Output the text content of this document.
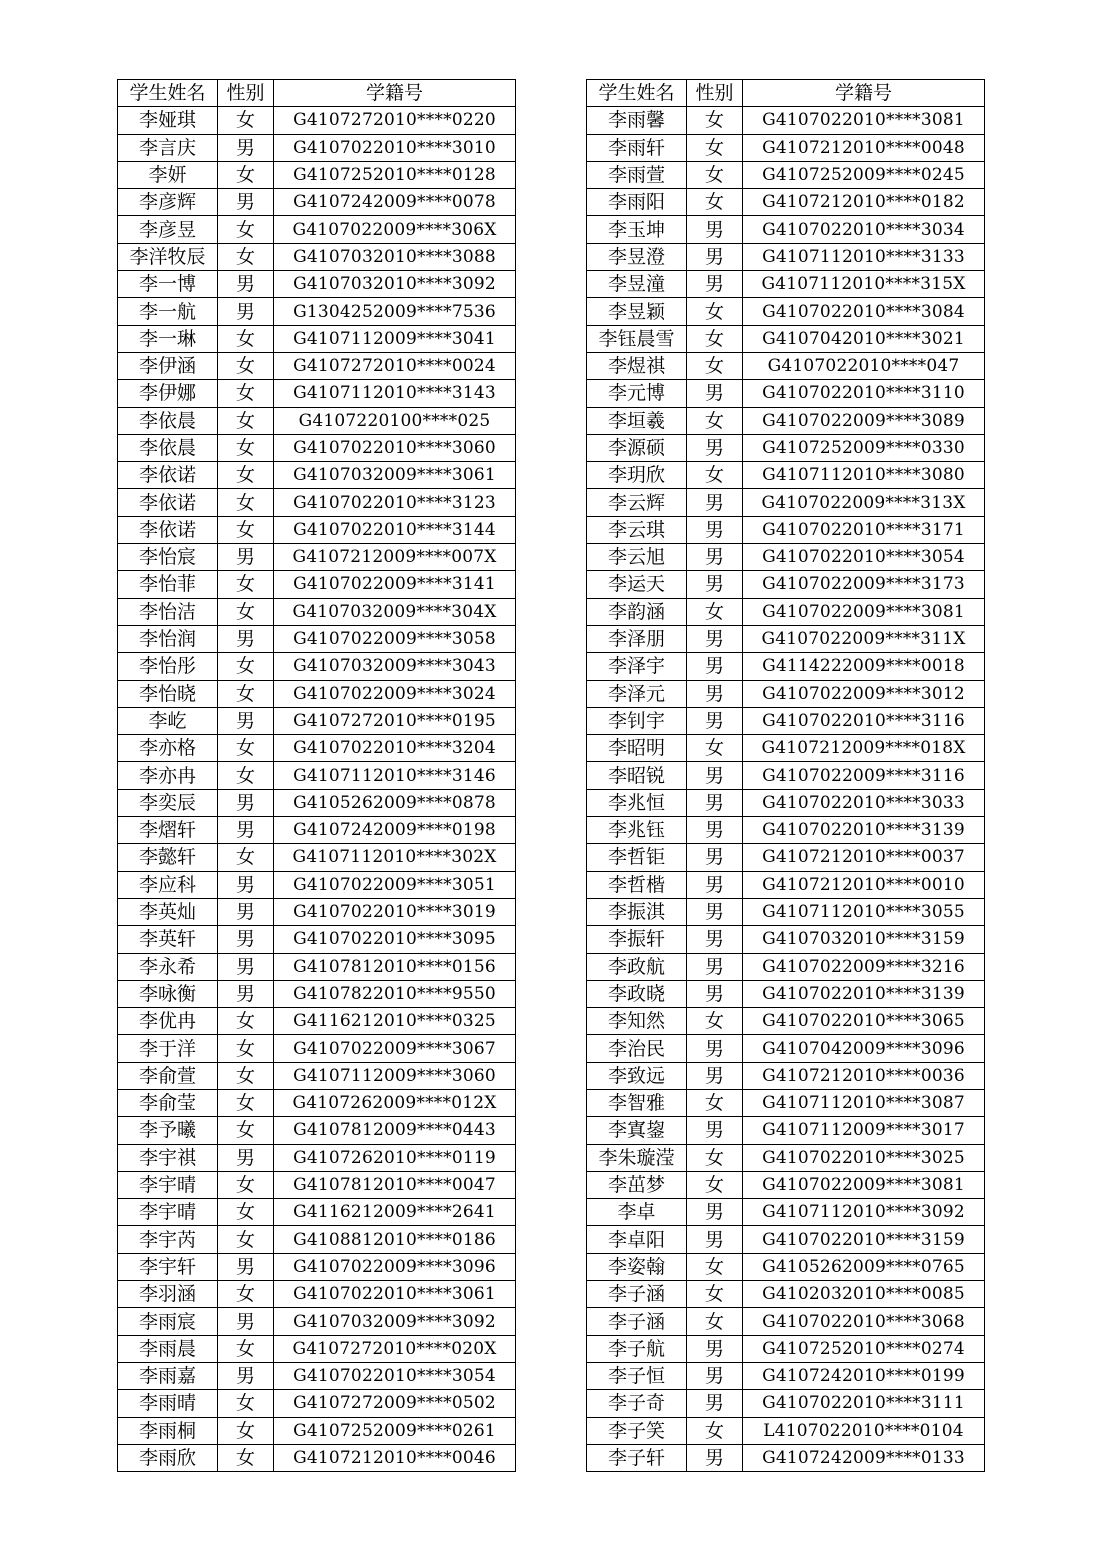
学生姓名	性别	学籍号
李娅琪	女	G4107272010****0220
李言庆	男	G4107022010****3010
李妍	女	G4107252010****0128
李彦辉	男	G4107242009****0078
李彦昱	女	G4107022009****306X
李洋牧辰	女	G4107032010****3088
李一博	男	G4107032010****3092
李一航	男	G1304252009****7536
李一琳	女	G4107112009****3041
李伊涵	女	G4107272010****0024
李伊娜	女	G4107112010****3143
李依晨	女	G4107220100****025
李依晨	女	G4107022010****3060
李依诺	女	G4107032009****3061
李依诺	女	G4107022010****3123
李依诺	女	G4107022010****3144
李怡宸	男	G4107212009****007X
李怡菲	女	G4107022009****3141
李怡洁	女	G4107032009****304X
李怡润	男	G4107022009****3058
李怡彤	女	G4107032009****3043
李怡晓	女	G4107022009****3024
李屹	男	G4107272010****0195
李亦格	女	G4107022010****3204
李亦冉	女	G4107112010****3146
李奕辰	男	G4105262009****0878
李熠轩	男	G4107242009****0198
李懿轩	女	G4107112010****302X
李应科	男	G4107022009****3051
李英灿	男	G4107022010****3019
李英轩	男	G4107022010****3095
李永希	男	G4107812010****0156
李咏衡	男	G4107822010****9550
李优冉	女	G4116212010****0325
李于洋	女	G4107022009****3067
李俞萱	女	G4107112009****3060
李俞莹	女	G4107262009****012X
李予曦	女	G4107812009****0443
李宇祺	男	G4107262010****0119
李宇晴	女	G4107812010****0047
李宇晴	女	G4116212009****2641
李宇芮	女	G4108812010****0186
李宇轩	男	G4107022009****3096
李羽涵	女	G4107022010****3061
李雨宸	男	G4107032009****3092
李雨晨	女	G4107272010****020X
李雨嘉	男	G4107022010****3054
李雨晴	女	G4107272009****0502
李雨桐	女	G4107252009****0261
李雨欣	女	G4107212010****0046
学生姓名	性别	学籍号
李雨馨	女	G4107022010****3081
李雨轩	女	G4107212010****0048
李雨萱	女	G4107252009****0245
李雨阳	女	G4107212010****0182
李玉坤	男	G4107022010****3034
李昱澄	男	G4107112010****3133
李昱潼	男	G4107112010****315X
李昱颖	女	G4107022010****3084
李钰晨雪	女	G4107042010****3021
李煜祺	女	G4107022010****047
李元博	男	G4107022010****3110
李垣羲	女	G4107022009****3089
李源硕	男	G4107252009****0330
李玥欣	女	G4107112010****3080
李云辉	男	G4107022009****313X
李云琪	男	G4107022010****3171
李云旭	男	G4107022010****3054
李运天	男	G4107022009****3173
李韵涵	女	G4107022009****3081
李泽朋	男	G4107022009****311X
李泽宇	男	G4114222009****0018
李泽元	男	G4107022009****3012
李钊宇	男	G4107022010****3116
李昭明	女	G4107212009****018X
李昭锐	男	G4107022009****3116
李兆恒	男	G4107022010****3033
李兆钰	男	G4107022010****3139
李哲钜	男	G4107212010****0037
李哲楷	男	G4107212010****0010
李振淇	男	G4107112010****3055
李振轩	男	G4107032010****3159
李政航	男	G4107022009****3216
李政晓	男	G4107022010****3139
李知然	女	G4107022010****3065
李治民	男	G4107042009****3096
李致远	男	G4107212010****0036
李智雅	女	G4107112010****3087
李寘鋆	男	G4107112009****3017
李朱璇滢	女	G4107022010****3025
李茁梦	女	G4107022009****3081
李卓	男	G4107112010****3092
李卓阳	男	G4107022010****3159
李姿翰	女	G4105262009****0765
李子涵	女	G4102032010****0085
李子涵	女	G4107022010****3068
李子航	男	G4107252010****0274
李子恒	男	G4107242010****0199
李子奇	男	G4107022010****3111
李子笑	女	L4107022010****0104
李子轩	男	G4107242009****0133
